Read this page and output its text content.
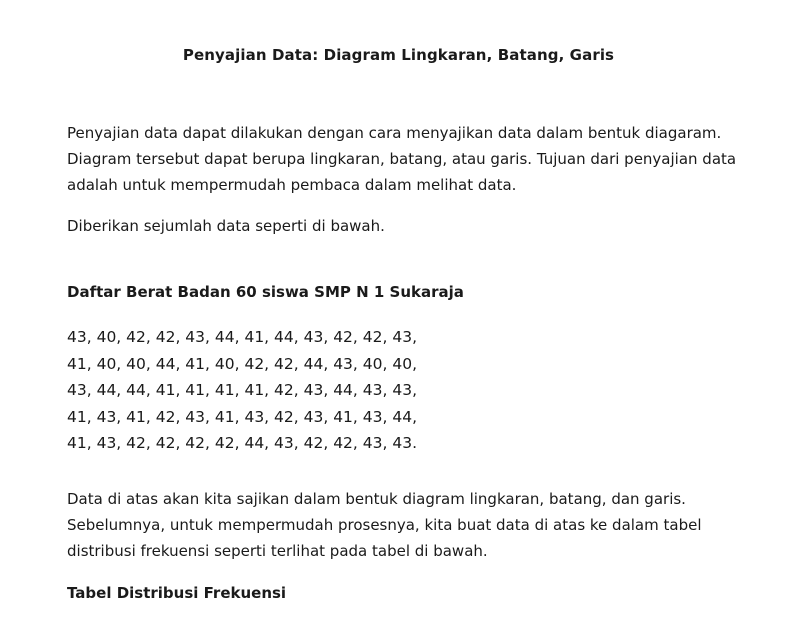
Penyajian Data: Diagram Lingkaran, Batang, Garis
Penyajian data dapat dilakukan dengan cara menyajikan data dalam bentuk diagaram.
Diagram tersebut dapat berupa lingkaran, batang, atau garis. Tujuan dari penyajian data
adalah untuk mempermudah pembaca dalam melihat data.
Diberikan sejumlah data seperti di bawah.
Daftar Berat Badan 60 siswa SMP N 1 Sukaraja
43, 40, 42, 42, 43, 44, 41, 44, 43, 42, 42, 43,
41, 40, 40, 44, 41, 40, 42, 42, 44, 43, 40, 40,
43, 44, 44, 41, 41, 41, 41, 42, 43, 44, 43, 43,
41, 43, 41, 42, 43, 41, 43, 42, 43, 41, 43, 44,
41, 43, 42, 42, 42, 42, 44, 43, 42, 42, 43, 43.
Data di atas akan kita sajikan dalam bentuk diagram lingkaran, batang, dan garis.
Sebelumnya, untuk mempermudah prosesnya, kita buat data di atas ke dalam tabel
distribusi frekuensi seperti terlihat pada tabel di bawah.
Tabel Distribusi Frekuensi
